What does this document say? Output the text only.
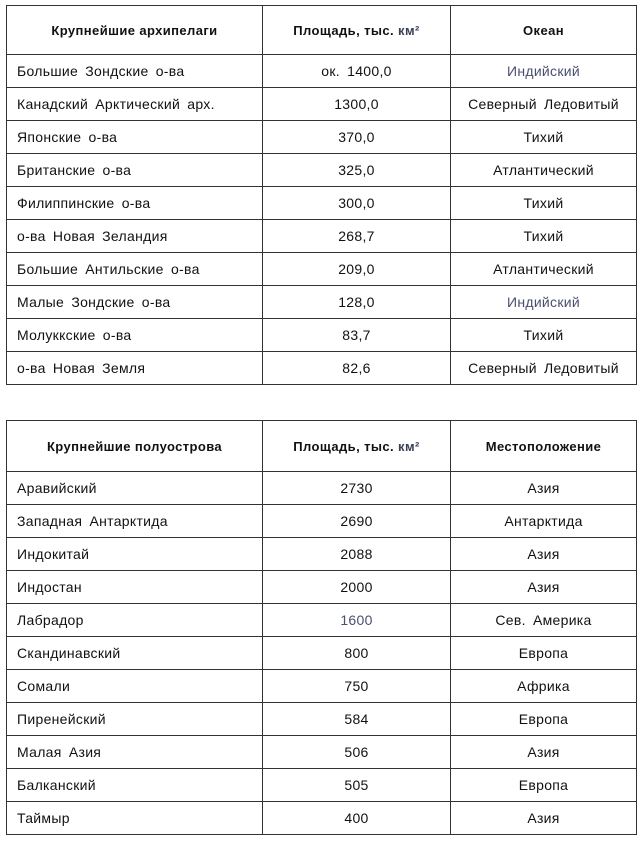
Крупнейшие архипелаги	Площадь, тыс. км²	Океан
Большие Зондские о-ва	ок. 1400,0	Индийский
Канадский Арктический арх.	1300,0	Северный Ледовитый
Японские о-ва	370,0	Тихий
Британские о-ва	325,0	Атлантический
Филиппинские о-ва	300,0	Тихий
о-ва Новая Зеландия	268,7	Тихий
Большие Антильские о-ва	209,0	Атлантический
Малые Зондские о-ва	128,0	Индийский
Молуккские о-ва	83,7	Тихий
о-ва Новая Земля	82,6	Северный Ледовитый
Крупнейшие полуострова	Площадь, тыс. км²	Местоположение
Аравийский	2730	Азия
Западная Антарктида	2690	Антарктида
Индокитай	2088	Азия
Индостан	2000	Азия
Лабрадор	1600	Сев. Америка
Скандинавский	800	Европа
Сомали	750	Африка
Пиренейский	584	Европа
Малая Азия	506	Азия
Балканский	505	Европа
Таймыр	400	Азия
